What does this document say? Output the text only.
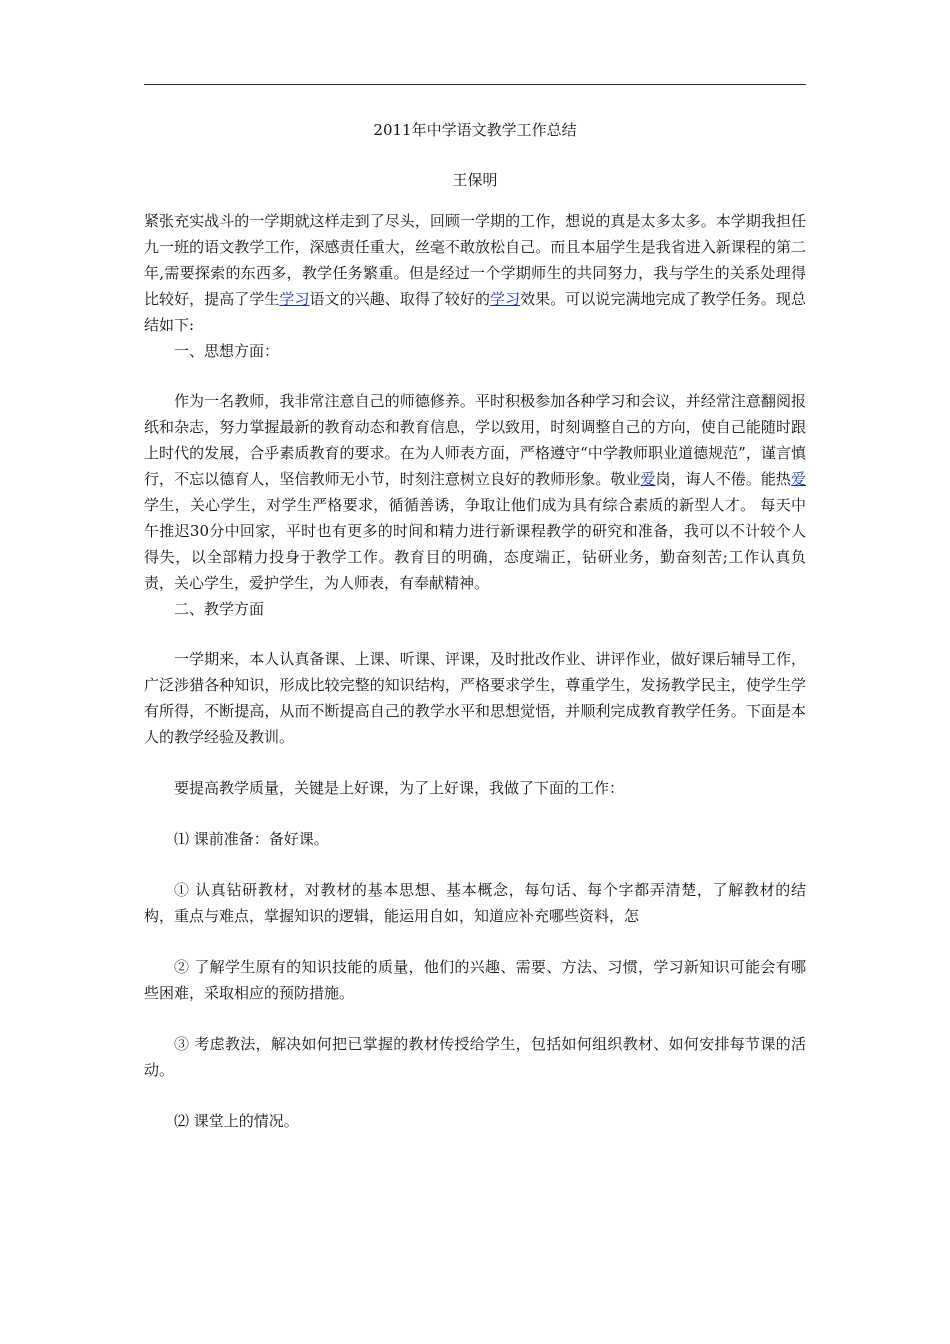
2011年中学语文教学工作总结

王保明

紧张充实战斗的一学期就这样走到了尽头，回顾一学期的工作，想说的真是太多太多。本学期我担任九一班的语文教学工作，深感责任重大，丝毫不敢放松自己。而且本届学生是我省进入新课程的第二年,需要探索的东西多，教学任务繁重。但是经过一个学期师生的共同努力，我与学生的关系处理得比较好，提高了学生学习语文的兴趣、取得了较好的学习效果。可以说完满地完成了教学任务。现总结如下:

一、思想方面：

作为一名教师，我非常注意自己的师德修养。平时积极参加各种学习和会议，并经常注意翻阅报纸和杂志，努力掌握最新的教育动态和教育信息，学以致用，时刻调整自己的方向，使自己能随时跟上时代的发展，合乎素质教育的要求。在为人师表方面，严格遵守“中学教师职业道德规范”，谨言慎行，不忘以德育人，坚信教师无小节，时刻注意树立良好的教师形象。敬业爱岗，诲人不倦。能热爱学生，关心学生，对学生严格要求，循循善诱，争取让他们成为具有综合素质的新型人才。 每天中午推迟30分中回家，平时也有更多的时间和精力进行新课程教学的研究和准备，我可以不计较个人得失，以全部精力投身于教学工作。教育目的明确，态度端正，钻研业务，勤奋刻苦;工作认真负责，关心学生，爱护学生，为人师表，有奉献精神。

二、教学方面

一学期来，本人认真备课、上课、听课、评课，及时批改作业、讲评作业，做好课后辅导工作，广泛涉猎各种知识，形成比较完整的知识结构，严格要求学生，尊重学生，发扬教学民主，使学生学有所得，不断提高，从而不断提高自己的教学水平和思想觉悟，并顺利完成教育教学任务。下面是本人的教学经验及教训。

要提高教学质量，关键是上好课，为了上好课，我做了下面的工作：

⑴ 课前准备：备好课。

① 认真钻研教材，对教材的基本思想、基本概念，每句话、每个字都弄清楚，了解教材的结构，重点与难点，掌握知识的逻辑，能运用自如，知道应补充哪些资料，怎

② 了解学生原有的知识技能的质量，他们的兴趣、需要、方法、习惯，学习新知识可能会有哪些困难，采取相应的预防措施。

③ 考虑教法，解决如何把已掌握的教材传授给学生，包括如何组织教材、如何安排每节课的活动。

⑵ 课堂上的情况。
